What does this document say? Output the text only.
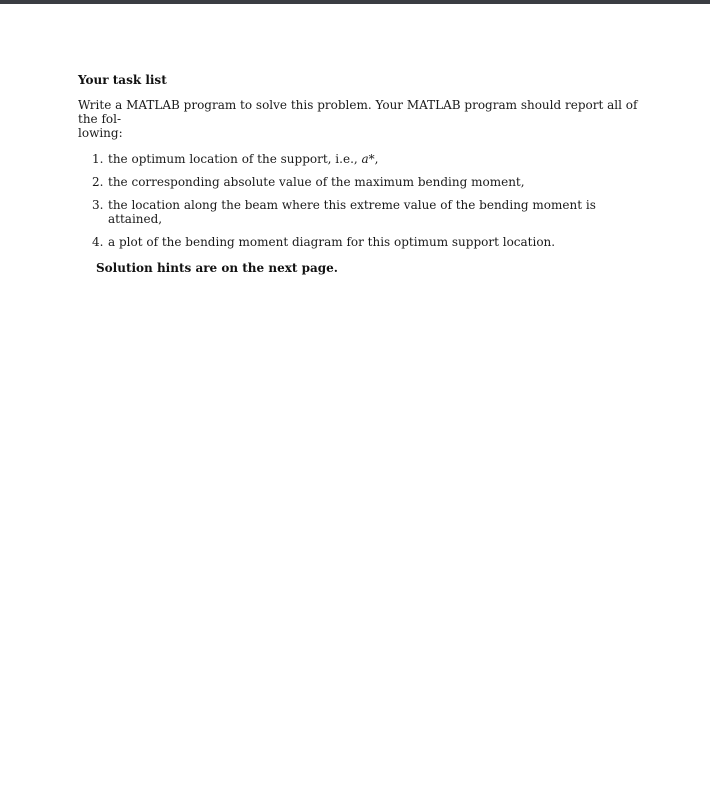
Your task list
Write a MATLAB program to solve this problem. Your MATLAB program should report all of the fol-
lowing:
1. the optimum location of the support, i.e., a*,
2. the corresponding absolute value of the maximum bending moment,
3. the location along the beam where this extreme value of the bending moment is attained,
4. a plot of the bending moment diagram for this optimum support location.
Solution hints are on the next page.
